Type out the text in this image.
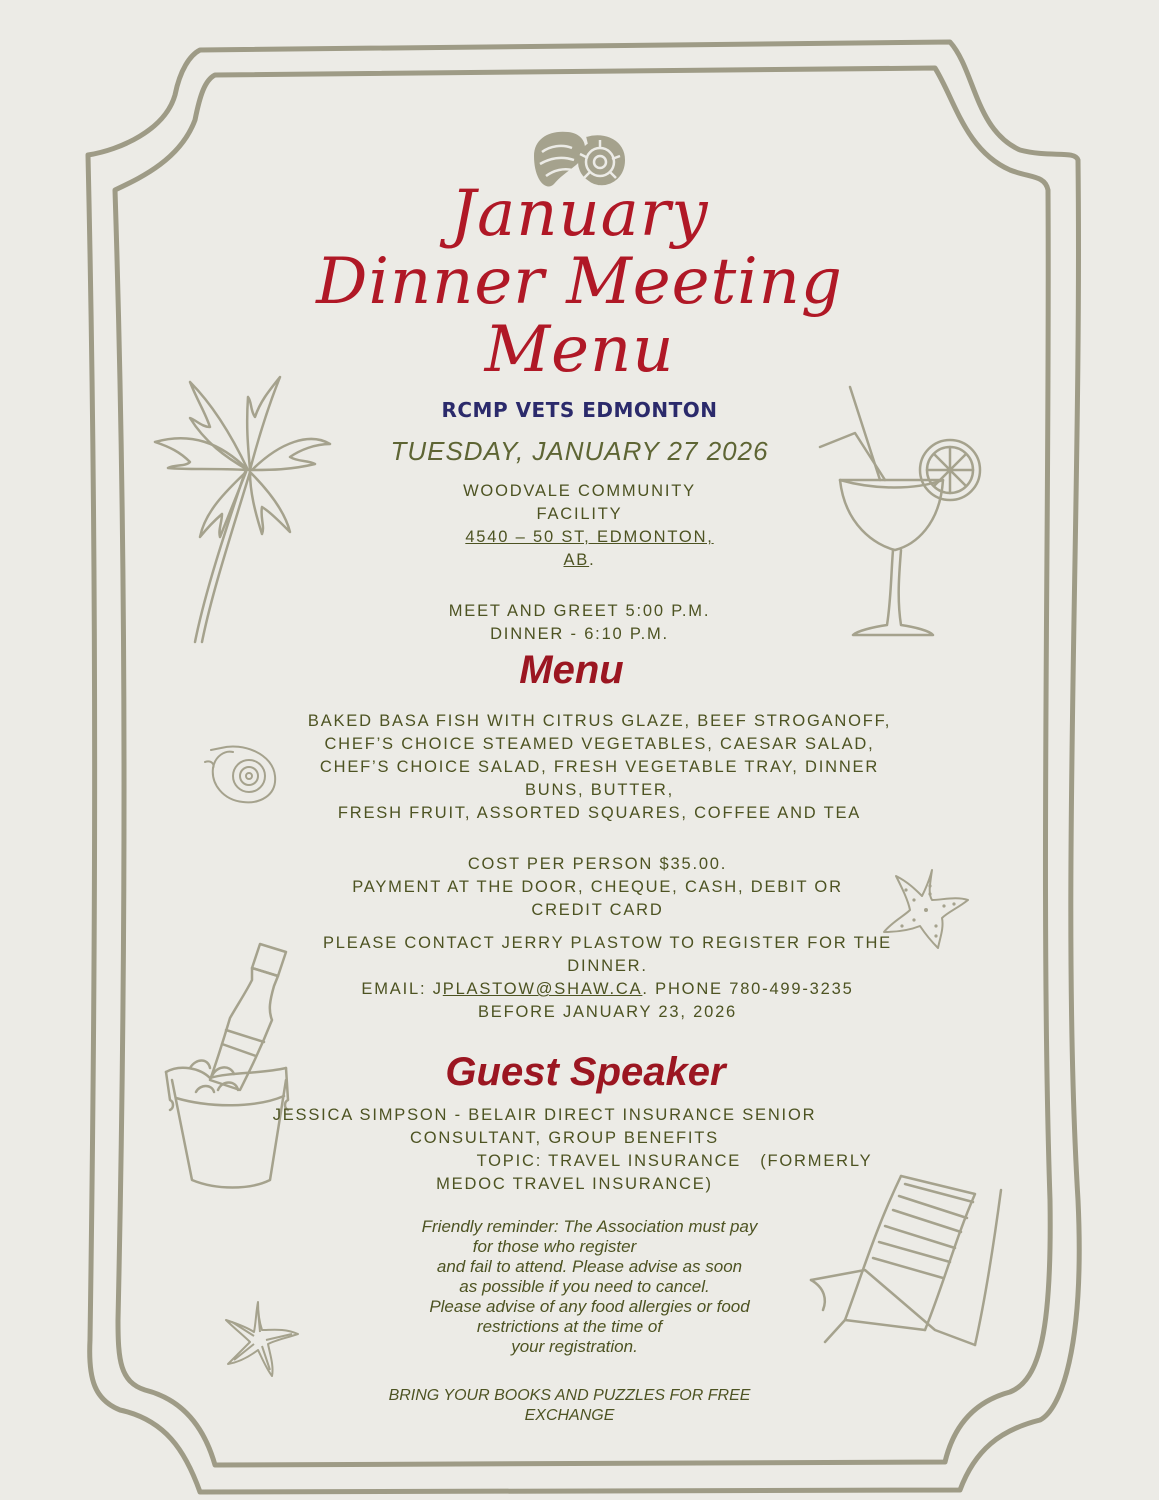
January
Dinner Meeting
Menu
RCMP VETS EDMONTON
TUESDAY, JANUARY 27 2026
WOODVALE COMMUNITY
FACILITY
4540 – 50 ST, EDMONTON,
AB.
MEET AND GREET 5:00 P.M.
DINNER - 6:10 P.M.
Menu
BAKED BASA FISH WITH CITRUS GLAZE, BEEF STROGANOFF,
CHEF’S CHOICE STEAMED VEGETABLES, CAESAR SALAD,
CHEF’S CHOICE SALAD, FRESH VEGETABLE TRAY, DINNER
BUNS, BUTTER,
FRESH FRUIT, ASSORTED SQUARES, COFFEE AND TEA
COST PER PERSON $35.00.
PAYMENT AT THE DOOR, CHEQUE, CASH, DEBIT OR
CREDIT CARD
PLEASE CONTACT JERRY PLASTOW TO REGISTER FOR THE
DINNER.
EMAIL: JPLASTOW@SHAW.CA. PHONE 780-499-3235
BEFORE JANUARY 23, 2026
Guest Speaker
JESSICA SIMPSON - BELAIR DIRECT INSURANCE SENIOR
CONSULTANT, GROUP BENEFITS
TOPIC: TRAVEL INSURANCE   (FORMERLY
MEDOC TRAVEL INSURANCE)
Friendly reminder: The Association must pay
for those who register
and fail to attend. Please advise as soon
as possible if you need to cancel.
Please advise of any food allergies or food
restrictions at the time of
your registration.
BRING YOUR BOOKS AND PUZZLES FOR FREE
EXCHANGE
